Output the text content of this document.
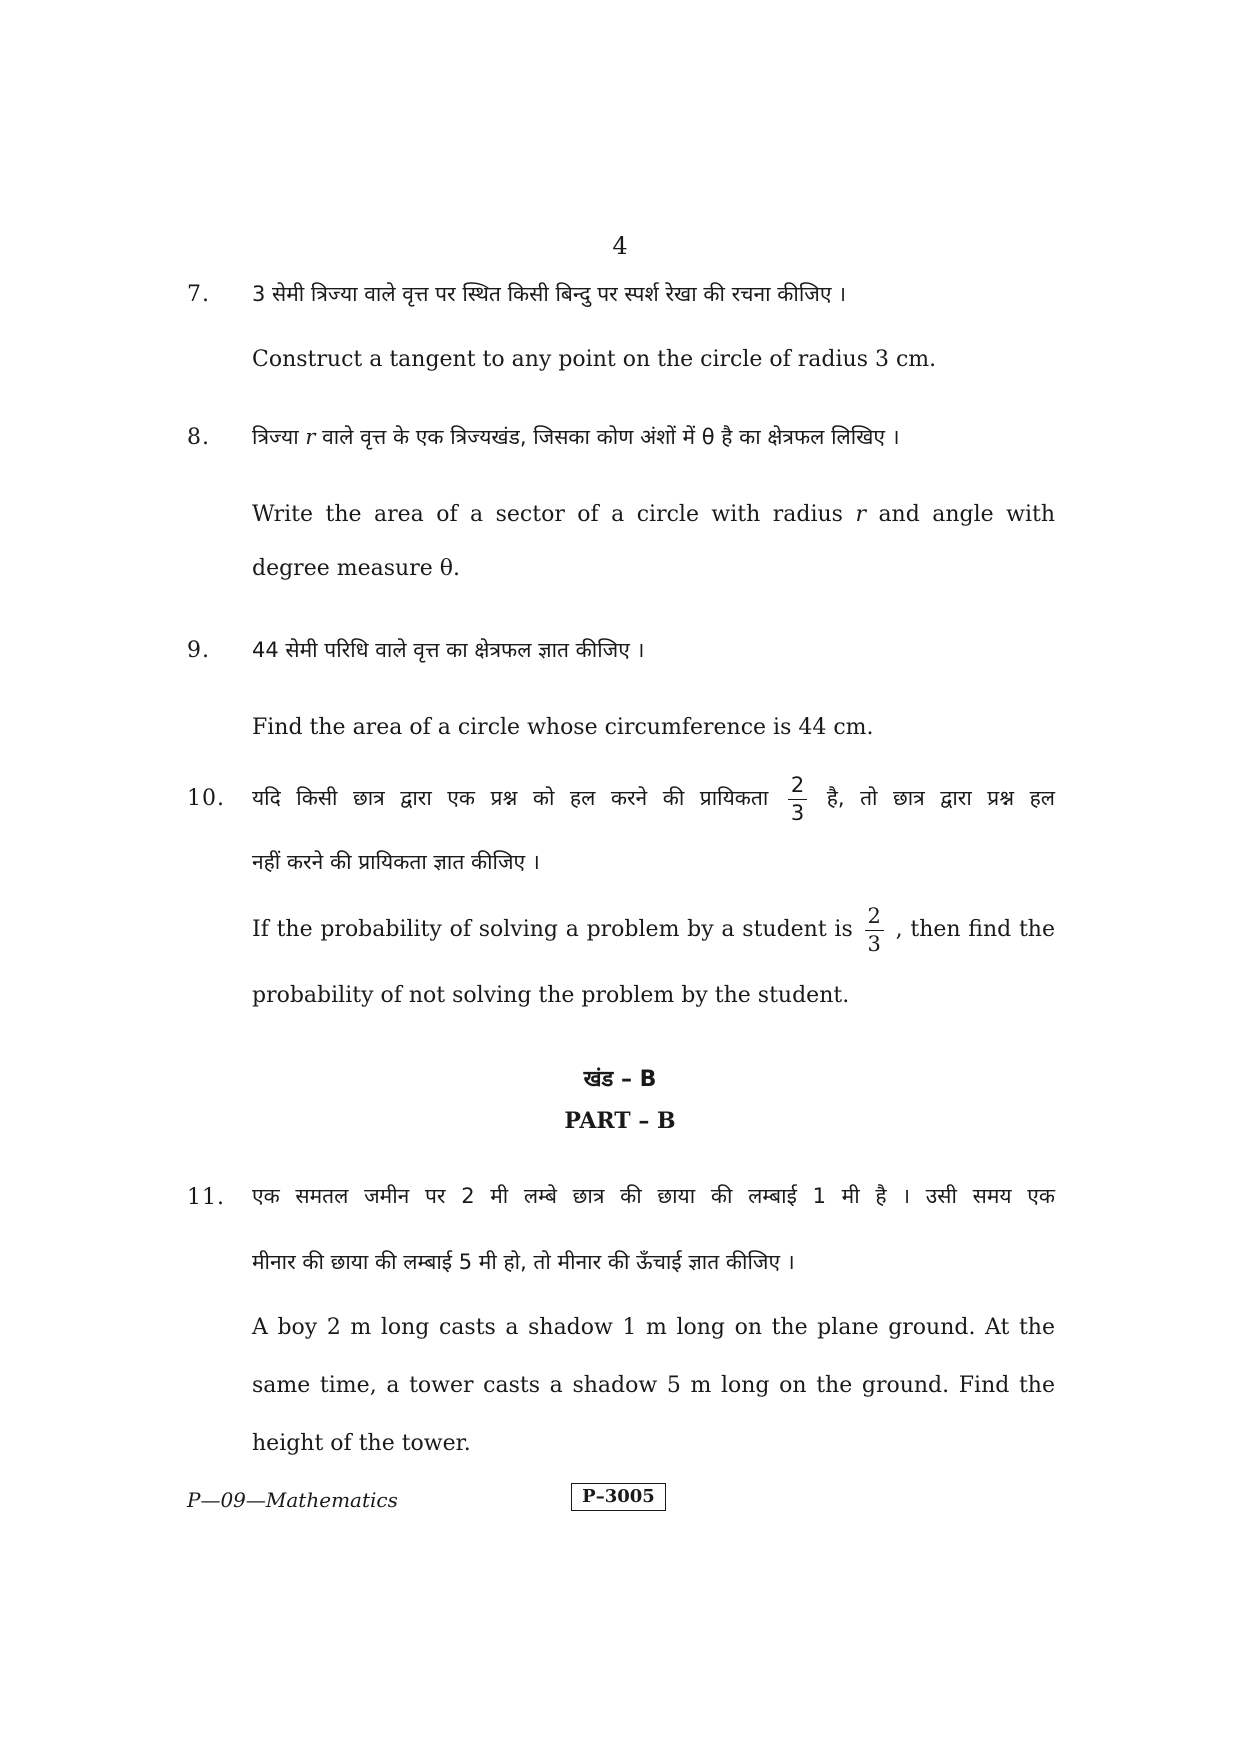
4
7. 3 सेमी त्रिज्या वाले वृत्त पर स्थित किसी बिन्दु पर स्पर्श रेखा की रचना कीजिए ।
Construct a tangent to any point on the circle of radius 3 cm.
8. त्रिज्या r वाले वृत्त के एक त्रिज्यखंड, जिसका कोण अंशों में θ है का क्षेत्रफल लिखिए ।
Write the area of a sector of a circle with radius r and angle with
degree measure θ.
9. 44 सेमी परिधि वाले वृत्त का क्षेत्रफल ज्ञात कीजिए ।
Find the area of a circle whose circumference is 44 cm.
10. यदि किसी छात्र द्वारा एक प्रश्न को हल करने की प्रायिकता $\frac{2}{3}$ है, तो छात्र द्वारा प्रश्न हल
नहीं करने की प्रायिकता ज्ञात कीजिए ।
If the probability of solving a problem by a student is $\frac{2}{3}$ , then find the
probability of not solving the problem by the student.
खंड – B
PART – B
11. एक समतल जमीन पर 2 मी लम्बे छात्र की छाया की लम्बाई 1 मी है । उसी समय एक
मीनार की छाया की लम्बाई 5 मी हो, तो मीनार की ऊँचाई ज्ञात कीजिए ।
A boy 2 m long casts a shadow 1 m long on the plane ground. At the
same time, a tower casts a shadow 5 m long on the ground. Find the
height of the tower.
P—09—Mathematics	P–3005
